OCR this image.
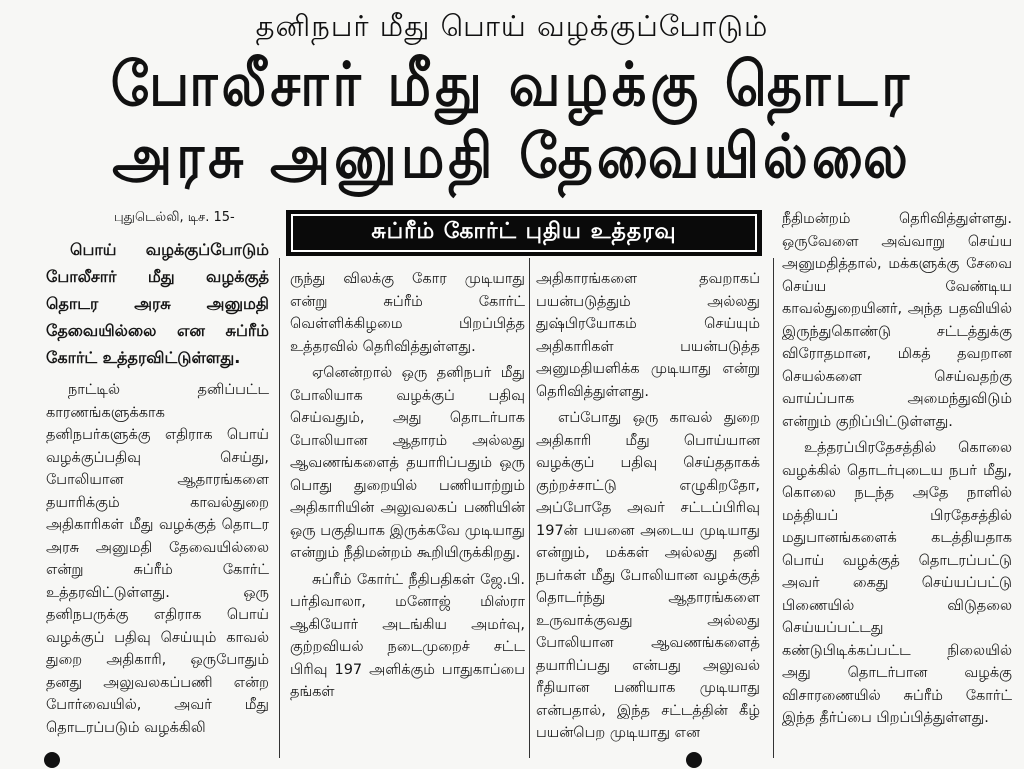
தனிநபர் மீது பொய் வழக்குப்போடும்
போலீசார் மீது வழக்கு தொடர
அரசு அனுமதி தேவையில்லை
சுப்ரீம் கோர்ட் புதிய உத்தரவு
புதுடெல்லி, டிச. 15-
பொய் வழக்குப்போடும் போலீசார் மீது வழக்குத் தொடர அரசு அனுமதி தேவையில்லை என சுப்ரீம் கோர்ட் உத்தரவிட்டுள்ளது.

நாட்டில் தனிப்பட்ட காரணங்களுக்காக தனிநபர்களுக்கு எதிராக பொய் வழக்குப்பதிவு செய்து, போலியான ஆதாரங்களை தயாரிக்கும் காவல்துறை அதிகாரிகள் மீது வழக்குத் தொடர அரசு அனுமதி தேவையில்லை என்று சுப்ரீம் கோர்ட் உத்தரவிட்டுள்ளது. ஒரு தனிநபருக்கு எதிராக பொய் வழக்குப் பதிவு செய்யும் காவல் துறை அதிகாரி, ஒருபோதும் தனது அலுவலகப்பணி என்ற போர்வையில், அவர் மீது தொடரப்படும் வழக்கிலி

ருந்து விலக்கு கோர முடியாது என்று சுப்ரீம் கோர்ட் வெள்ளிக்கிழமை பிறப்பித்த உத்தரவில் தெரிவித்துள்ளது.

ஏனென்றால் ஒரு தனிநபர் மீது போலியாக வழக்குப் பதிவு செய்வதும், அது தொடர்பாக போலியான ஆதாரம் அல்லது ஆவணங்களைத் தயாரிப்பதும் ஒரு பொது துறையில் பணியாற்றும் அதிகாரியின் அலுவலகப் பணியின் ஒரு பகுதியாக இருக்கவே முடியாது என்றும் நீதிமன்றம் கூறியிருக்கிறது.

சுப்ரீம் கோர்ட் நீதிபதிகள் ஜே.பி. பர்திவாலா, மனோஜ் மிஸ்ரா ஆகியோர் அடங்கிய அமர்வு, குற்றவியல் நடைமுறைச் சட்ட பிரிவு 197 அளிக்கும் பாதுகாப்பை தங்கள்

அதிகாரங்களை தவறாகப் பயன்படுத்தும் அல்லது துஷ்பிரயோகம் செய்யும் அதிகாரிகள் பயன்படுத்த அனுமதியளிக்க முடியாது என்று தெரிவித்துள்ளது.

எப்போது ஒரு காவல் துறை அதிகாரி மீது பொய்யான வழக்குப் பதிவு செய்ததாகக் குற்றச்சாட்டு எழுகிறதோ, அப்போதே அவர் சட்டப்பிரிவு 197ன் பயனை அடைய முடியாது என்றும், மக்கள் அல்லது தனி நபர்கள் மீது போலியான வழக்குத் தொடர்ந்து ஆதாரங்களை உருவாக்குவது அல்லது போலியான ஆவணங்களைத் தயாரிப்பது என்பது அலுவல் ரீதியான பணியாக முடியாது என்பதால், இந்த சட்டத்தின் கீழ் பயன்பெற முடியாது என

நீதிமன்றம் தெரிவித்துள்ளது. ஒருவேளை அவ்வாறு செய்ய அனுமதித்தால், மக்களுக்கு சேவை செய்ய வேண்டிய காவல்துறையினர், அந்த பதவியில் இருந்துகொண்டு சட்டத்துக்கு விரோதமான, மிகத் தவறான செயல்களை செய்வதற்கு வாய்ப்பாக அமைந்துவிடும் என்றும் குறிப்பிட்டுள்ளது.

உத்தரப்பிரதேசத்தில் கொலை வழக்கில் தொடர்புடைய நபர் மீது, கொலை நடந்த அதே நாளில் மத்தியப் பிரதேசத்தில் மதுபானங்களைக் கடத்தியதாக பொய் வழக்குத் தொடரப்பட்டு அவர் கைது செய்யப்பட்டு பிணையில் விடுதலை செய்யப்பட்டது கண்டுபிடிக்கப்பட்ட நிலையில் அது தொடர்பான வழக்கு விசாரணையில் சுப்ரீம் கோர்ட் இந்த தீர்ப்பை பிறப்பித்துள்ளது.
